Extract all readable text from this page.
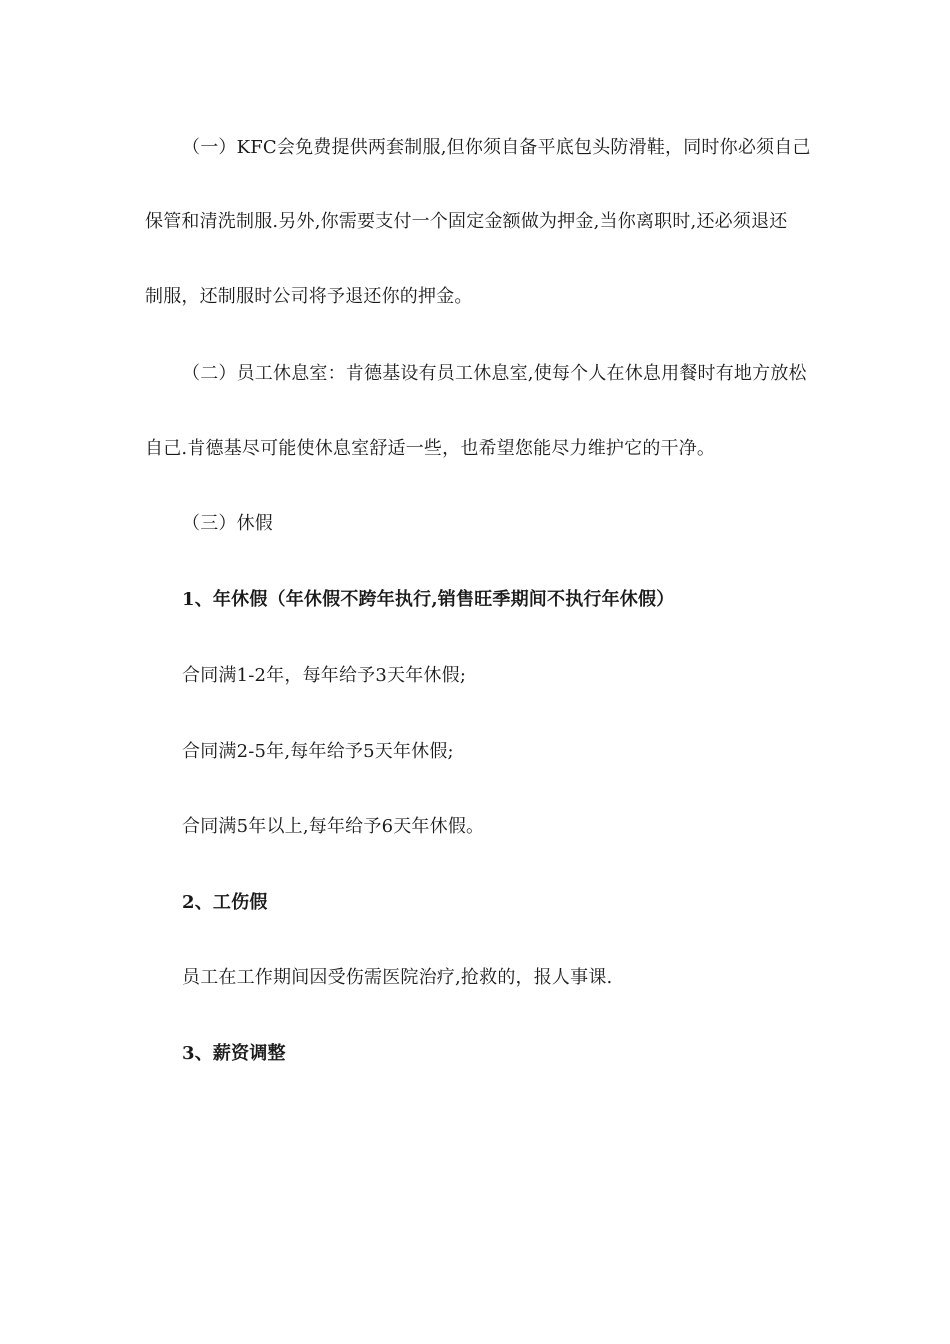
（一）KFC会免费提供两套制服,但你须自备平底包头防滑鞋，同时你必须自己
保管和清洗制服.另外,你需要支付一个固定金额做为押金,当你离职时,还必须退还
制服，还制服时公司将予退还你的押金。
（二）员工休息室：肯德基设有员工休息室,使每个人在休息用餐时有地方放松
自己.肯德基尽可能使休息室舒适一些，也希望您能尽力维护它的干净。
（三）休假
1、年休假（年休假不跨年执行,销售旺季期间不执行年休假）
合同满1-2年，每年给予3天年休假;
合同满2-5年,每年给予5天年休假;
合同满5年以上,每年给予6天年休假。
2、工伤假
员工在工作期间因受伤需医院治疗,抢救的，报人事课.
3、薪资调整
